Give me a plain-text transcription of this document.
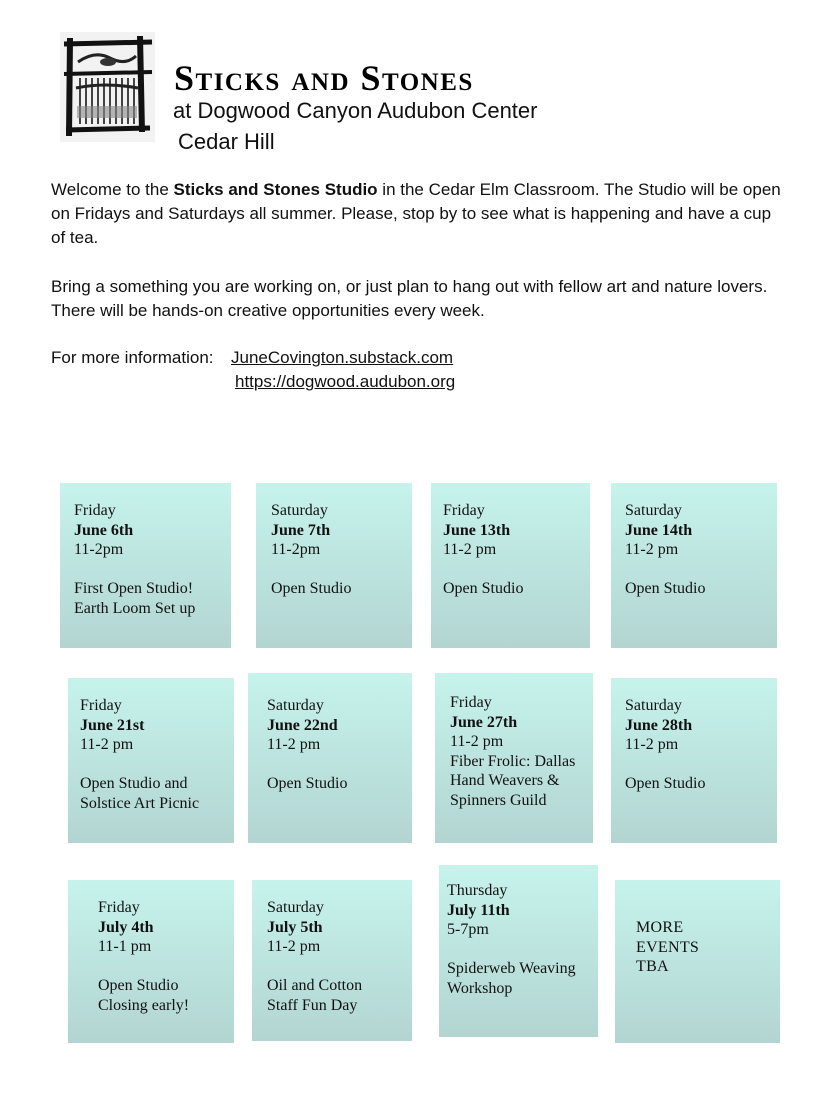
Sticks and Stones

at Dogwood Canyon Audubon Center

Cedar Hill

Welcome to the Sticks and Stones Studio in the Cedar Elm Classroom. The Studio will be open on Fridays and Saturdays all summer. Please, stop by to see what is happening and have a cup of tea.

Bring a something you are working on, or just plan to hang out with fellow art and nature lovers. There will be hands-on creative opportunities every week.

For more information: JuneCovington.substack.com
https://dogwood.audubon.org
Friday
June 6th
11-2pm
First Open Studio! Earth Loom Set up
Saturday
June 7th
11-2pm
Open Studio
Friday
June 13th
11-2 pm
Open Studio
Saturday
June 14th
11-2 pm
Open Studio
Friday
June 21st
11-2 pm
Open Studio and Solstice Art Picnic
Saturday
June 22nd
11-2 pm
Open Studio
Friday
June 27th
11-2 pm
Fiber Frolic: Dallas Hand Weavers & Spinners Guild
Saturday
June 28th
11-2 pm
Open Studio
Friday
July 4th
11-1 pm
Open Studio Closing early!
Saturday
July 5th
11-2 pm
Oil and Cotton Staff Fun Day
Thursday
July 11th
5-7pm
Spiderweb Weaving Workshop
MORE
EVENTS
TBA
